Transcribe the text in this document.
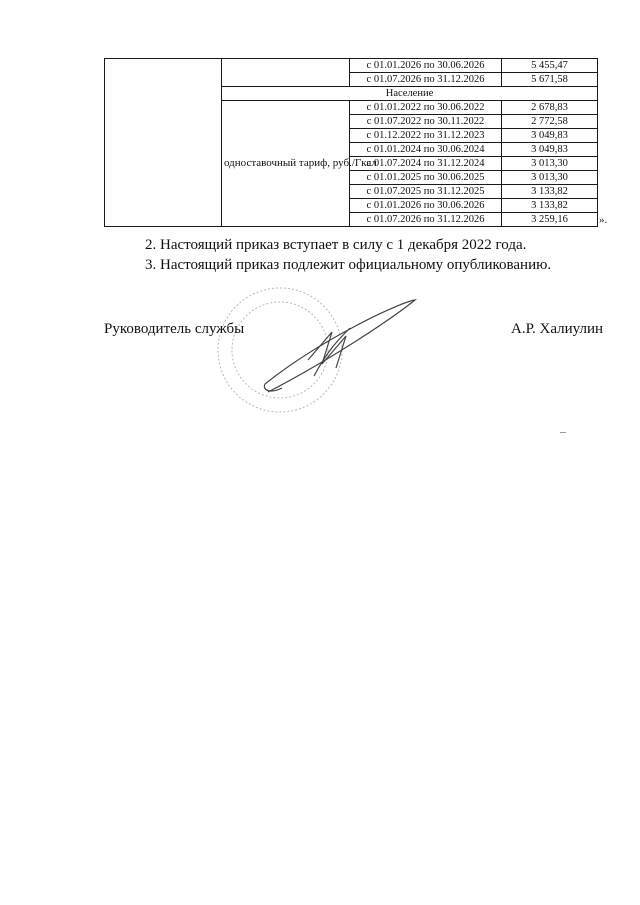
		с 01.01.2026 по 30.06.2026	5 455,47
		с 01.07.2026 по 31.12.2026	5 671,58
	Население		
	одноставочный тариф, руб./Гкал	с 01.01.2022 по 30.06.2022	2 678,83
		с 01.07.2022 по 30.11.2022	2 772,58
		с 01.12.2022 по 31.12.2023	3 049,83
		с 01.01.2024 по 30.06.2024	3 049,83
		с 01.07.2024 по 31.12.2024	3 013,30
		с 01.01.2025 по 30.06.2025	3 013,30
		с 01.07.2025 по 31.12.2025	3 133,82
		с 01.01.2026 по 30.06.2026	3 133,82
		с 01.07.2026 по 31.12.2026	3 259,16	».
2. Настоящий приказ вступает в силу с 1 декабря 2022 года.
3. Настоящий приказ подлежит официальному опубликованию.
Руководитель службы	А.Р. Халиулин
